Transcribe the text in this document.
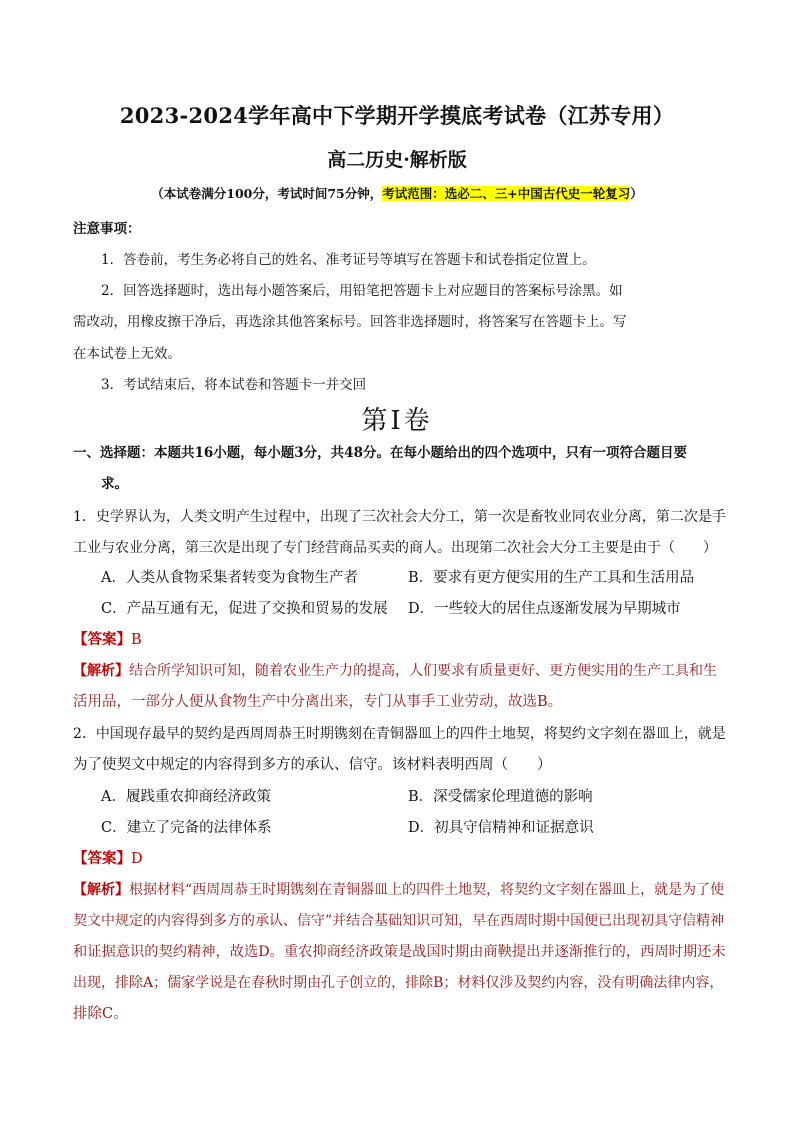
2023-2024学年高中下学期开学摸底考试卷（江苏专用）
高二历史·解析版
（本试卷满分100分，考试时间75分钟，考试范围：选必二、三+中国古代史一轮复习）
注意事项：
1．答卷前，考生务必将自己的姓名、准考证号等填写在答题卡和试卷指定位置上。
2．回答选择题时，选出每小题答案后，用铅笔把答题卡上对应题目的答案标号涂黑。如
需改动，用橡皮擦干净后，再选涂其他答案标号。回答非选择题时，将答案写在答题卡上。写
在本试卷上无效。
3．考试结束后，将本试卷和答题卡一并交回
第Ⅰ卷
一、选择题：本题共16小题，每小题3分，共48分。在每小题给出的四个选项中，只有一项符合题目要
求。
1．史学界认为，人类文明产生过程中，出现了三次社会大分工，第一次是畜牧业同农业分离，第二次是手
工业与农业分离，第三次是出现了专门经营商品买卖的商人。出现第二次社会大分工主要是由于（　　）
A．人类从食物采集者转变为食物生产者	B．要求有更方便实用的生产工具和生活用品
C．产品互通有无，促进了交换和贸易的发展 D．一些较大的居住点逐渐发展为早期城市
【答案】B
【解析】结合所学知识可知，随着农业生产力的提高，人们要求有质量更好、更方便实用的生产工具和生
活用品，一部分人便从食物生产中分离出来，专门从事手工业劳动，故选B。
2．中国现存最早的契约是西周周恭王时期镌刻在青铜器皿上的四件土地契，将契约文字刻在器皿上，就是
为了使契文中规定的内容得到多方的承认、信守。该材料表明西周（　　）
A．履践重农抑商经济政策	B．深受儒家伦理道德的影响
C．建立了完备的法律体系	D．初具守信精神和证据意识
【答案】D
【解析】根据材料“西周周恭王时期镌刻在青铜器皿上的四件土地契，将契约文字刻在器皿上，就是为了使
契文中规定的内容得到多方的承认、信守”并结合基础知识可知，早在西周时期中国便已出现初具守信精神
和证据意识的契约精神，故选D。重农抑商经济政策是战国时期由商鞅提出并逐渐推行的，西周时期还未
出现，排除A；儒家学说是在春秋时期由孔子创立的，排除B；材料仅涉及契约内容，没有明确法律内容，
排除C。
